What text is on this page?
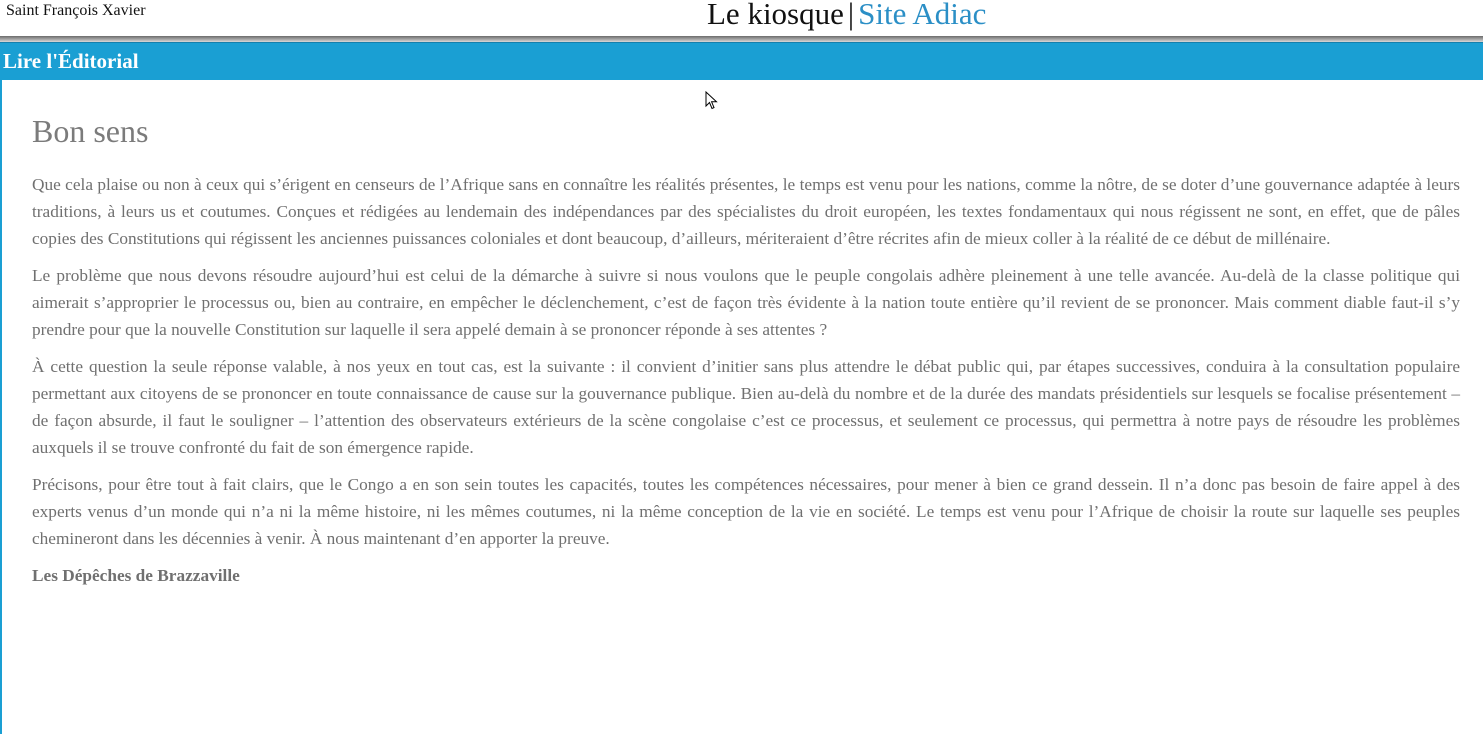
Saint François Xavier	Le kiosque | Site Adiac
Lire l'Éditorial
Bon sens

Que cela plaise ou non à ceux qui s’érigent en censeurs de l’Afrique sans en connaître les réalités présentes, le temps est venu pour les nations, comme la nôtre, de se doter d’une gouvernance adaptée à leurs traditions, à leurs us et coutumes. Conçues et rédigées au lendemain des indépendances par des spécialistes du droit européen, les textes fondamentaux qui nous régissent ne sont, en effet, que de pâles copies des Constitutions qui régissent les anciennes puissances coloniales et dont beaucoup, d’ailleurs, mériteraient d’être récrites afin de mieux coller à la réalité de ce début de millénaire.

Le problème que nous devons résoudre aujourd’hui est celui de la démarche à suivre si nous voulons que le peuple congolais adhère pleinement à une telle avancée. Au-delà de la classe politique qui aimerait s’approprier le processus ou, bien au contraire, en empêcher le déclenchement, c’est de façon très évidente à la nation toute entière qu’il revient de se prononcer. Mais comment diable faut-il s’y prendre pour que la nouvelle Constitution sur laquelle il sera appelé demain à se prononcer réponde à ses attentes ?

À cette question la seule réponse valable, à nos yeux en tout cas, est la suivante : il convient d’initier sans plus attendre le débat public qui, par étapes successives, conduira à la consultation populaire permettant aux citoyens de se prononcer en toute connaissance de cause sur la gouvernance publique. Bien au-delà du nombre et de la durée des mandats présidentiels sur lesquels se focalise présentement – de façon absurde, il faut le souligner – l’attention des observateurs extérieurs de la scène congolaise c’est ce processus, et seulement ce processus, qui permettra à notre pays de résoudre les problèmes auxquels il se trouve confronté du fait de son émergence rapide.

Précisons, pour être tout à fait clairs, que le Congo a en son sein toutes les capacités, toutes les compétences nécessaires, pour mener à bien ce grand dessein. Il n’a donc pas besoin de faire appel à des experts venus d’un monde qui n’a ni la même histoire, ni les mêmes coutumes, ni la même conception de la vie en société. Le temps est venu pour l’Afrique de choisir la route sur laquelle ses peuples chemineront dans les décennies à venir. À nous maintenant d’en apporter la preuve.

Les Dépêches de Brazzaville
